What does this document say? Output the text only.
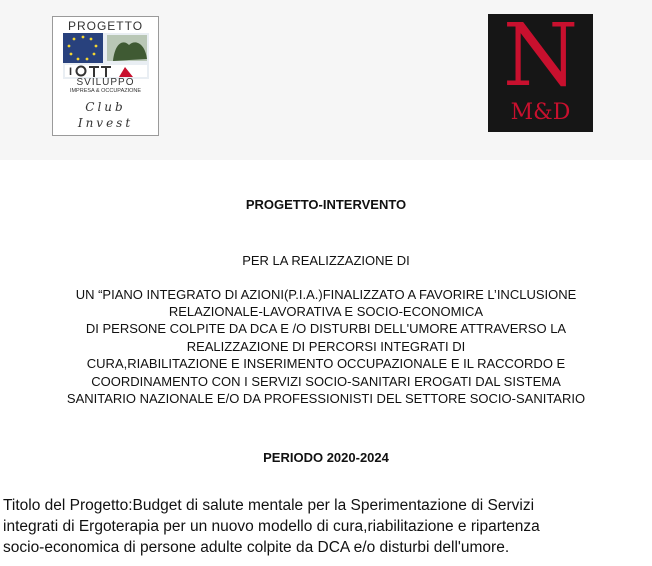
PROGETTO
I
SVILUPPO
IMPRESA & OCCUPAZIONE
Club
Invest
N
M&D
PROGETTO-INTERVENTO
PER LA REALIZZAZIONE DI
UN “PIANO INTEGRATO DI AZIONI(P.I.A.)FINALIZZATO A FAVORIRE L’INCLUSIONE
RELAZIONALE-LAVORATIVA E SOCIO-ECONOMICA
DI PERSONE COLPITE DA DCA E /O DISTURBI DELL'UMORE ATTRAVERSO LA
REALIZZAZIONE DI PERCORSI INTEGRATI DI
CURA,RIABILITAZIONE E INSERIMENTO OCCUPAZIONALE E IL RACCORDO E
COORDINAMENTO CON I SERVIZI SOCIO-SANITARI EROGATI DAL SISTEMA
SANITARIO NAZIONALE E/O DA PROFESSIONISTI DEL SETTORE SOCIO-SANITARIO
PERIODO 2020-2024
Titolo del Progetto:Budget di salute mentale per la Sperimentazione di Servizi
integrati di Ergoterapia per un nuovo modello di cura,riabilitazione e ripartenza
socio-economica di persone adulte colpite da DCA e/o disturbi dell'umore.
